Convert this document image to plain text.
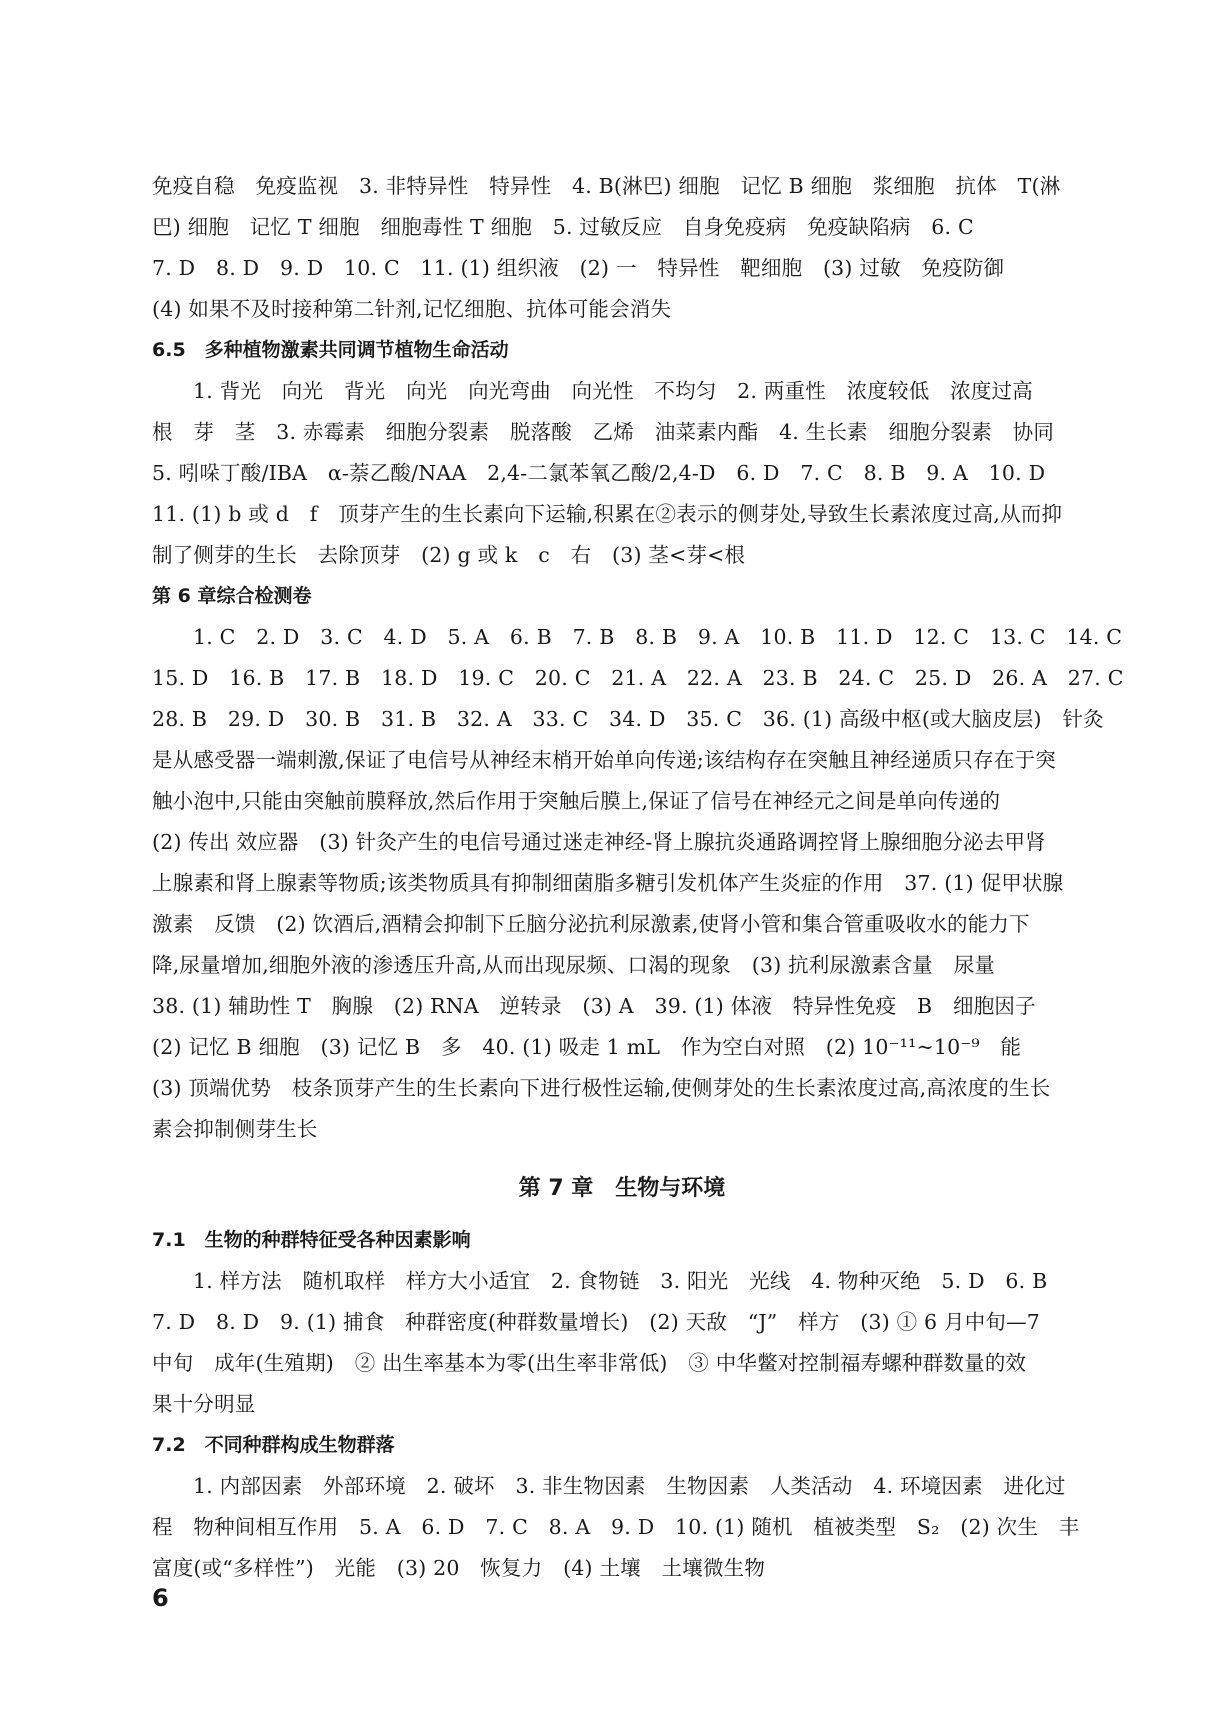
免疫自稳　免疫监视　3. 非特异性　特异性　4. B(淋巴) 细胞　记忆 B 细胞　浆细胞　抗体　T(淋
巴) 细胞　记忆 T 细胞　细胞毒性 T 细胞　5. 过敏反应　自身免疫病　免疫缺陷病　6. C
7. D　8. D　9. D　10. C　11. (1) 组织液　(2) 一　特异性　靶细胞　(3) 过敏　免疫防御
(4) 如果不及时接种第二针剂,记忆细胞、抗体可能会消失
6.5　多种植物激素共同调节植物生命活动
1. 背光　向光　背光　向光　向光弯曲　向光性　不均匀　2. 两重性　浓度较低　浓度过高
根　芽　茎　3. 赤霉素　细胞分裂素　脱落酸　乙烯　油菜素内酯　4. 生长素　细胞分裂素　协同
5. 吲哚丁酸/IBA　α-萘乙酸/NAA　2,4-二氯苯氧乙酸/2,4-D　6. D　7. C　8. B　9. A　10. D
11. (1) b 或 d　f　顶芽产生的生长素向下运输,积累在②表示的侧芽处,导致生长素浓度过高,从而抑
制了侧芽的生长　去除顶芽　(2) g 或 k　c　右　(3) 茎<芽<根
第 6 章综合检测卷
1. C　2. D　3. C　4. D　5. A　6. B　7. B　8. B　9. A　10. B　11. D　12. C　13. C　14. C
15. D　16. B　17. B　18. D　19. C　20. C　21. A　22. A　23. B　24. C　25. D　26. A　27. C
28. B　29. D　30. B　31. B　32. A　33. C　34. D　35. C　36. (1) 高级中枢(或大脑皮层)　针灸
是从感受器一端刺激,保证了电信号从神经末梢开始单向传递;该结构存在突触且神经递质只存在于突
触小泡中,只能由突触前膜释放,然后作用于突触后膜上,保证了信号在神经元之间是单向传递的
(2) 传出 效应器　(3) 针灸产生的电信号通过迷走神经-肾上腺抗炎通路调控肾上腺细胞分泌去甲肾
上腺素和肾上腺素等物质;该类物质具有抑制细菌脂多糖引发机体产生炎症的作用　37. (1) 促甲状腺
激素　反馈　(2) 饮酒后,酒精会抑制下丘脑分泌抗利尿激素,使肾小管和集合管重吸收水的能力下
降,尿量增加,细胞外液的渗透压升高,从而出现尿频、口渴的现象　(3) 抗利尿激素含量　尿量
38. (1) 辅助性 T　胸腺　(2) RNA　逆转录　(3) A　39. (1) 体液　特异性免疫　B　细胞因子
(2) 记忆 B 细胞　(3) 记忆 B　多　40. (1) 吸走 1 mL　作为空白对照　(2) 10⁻¹¹~10⁻⁹　能
(3) 顶端优势　枝条顶芽产生的生长素向下进行极性运输,使侧芽处的生长素浓度过高,高浓度的生长
素会抑制侧芽生长
第 7 章　生物与环境
7.1　生物的种群特征受各种因素影响
1. 样方法　随机取样　样方大小适宜　2. 食物链　3. 阳光　光线　4. 物种灭绝　5. D　6. B
7. D　8. D　9. (1) 捕食　种群密度(种群数量增长)　(2) 天敌　“J”　样方　(3) ① 6 月中旬—7
中旬　成年(生殖期)　② 出生率基本为零(出生率非常低)　③ 中华鳖对控制福寿螺种群数量的效
果十分明显
7.2　不同种群构成生物群落
1. 内部因素　外部环境　2. 破坏　3. 非生物因素　生物因素　人类活动　4. 环境因素　进化过
程　物种间相互作用　5. A　6. D　7. C　8. A　9. D　10. (1) 随机　植被类型　S₂　(2) 次生　丰
富度(或“多样性”)　光能　(3) 20　恢复力　(4) 土壤　土壤微生物
6
